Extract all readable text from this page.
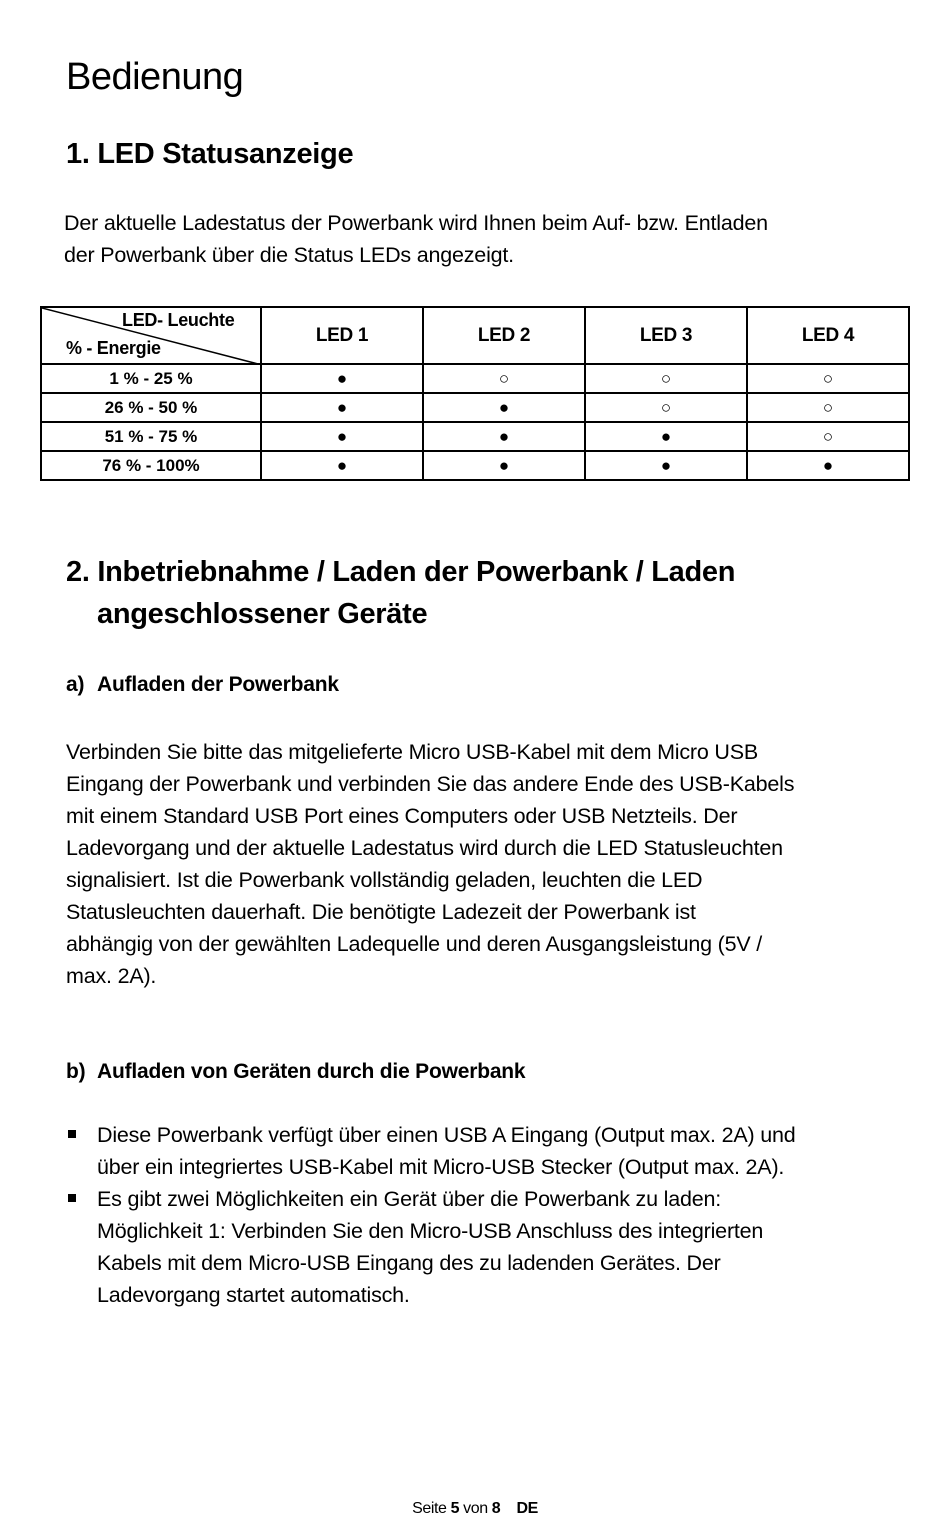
Bedienung
1. LED Statusanzeige
Der aktuelle Ladestatus der Powerbank wird Ihnen beim Auf- bzw. Entladen
der Powerbank über die Status LEDs angezeigt.
LED- Leuchte
% - Energie	LED 1	LED 2	LED 3	LED 4
1 % - 25 %	●	○	○	○
26 % - 50 %	●	●	○	○
51 % - 75 %	●	●	●	○
76 % - 100%	●	●	●	●
2. Inbetriebnahme / Laden der Powerbank / Laden
angeschlossener Geräte
a) Aufladen der Powerbank
Verbinden Sie bitte das mitgelieferte Micro USB-Kabel mit dem Micro USB
Eingang der Powerbank und verbinden Sie das andere Ende des USB-Kabels
mit einem Standard USB Port eines Computers oder USB Netzteils. Der
Ladevorgang und der aktuelle Ladestatus wird durch die LED Statusleuchten
signalisiert. Ist die Powerbank vollständig geladen, leuchten die LED
Statusleuchten dauerhaft. Die benötigte Ladezeit der Powerbank ist
abhängig von der gewählten Ladequelle und deren Ausgangsleistung (5V /
max. 2A).
b) Aufladen von Geräten durch die Powerbank
Diese Powerbank verfügt über einen USB A Eingang (Output max. 2A) und
über ein integriertes USB-Kabel mit Micro-USB Stecker (Output max. 2A).
Es gibt zwei Möglichkeiten ein Gerät über die Powerbank zu laden:
Möglichkeit 1: Verbinden Sie den Micro-USB Anschluss des integrierten
Kabels mit dem Micro-USB Eingang des zu ladenden Gerätes. Der
Ladevorgang startet automatisch.
Seite 5 von 8 DE
